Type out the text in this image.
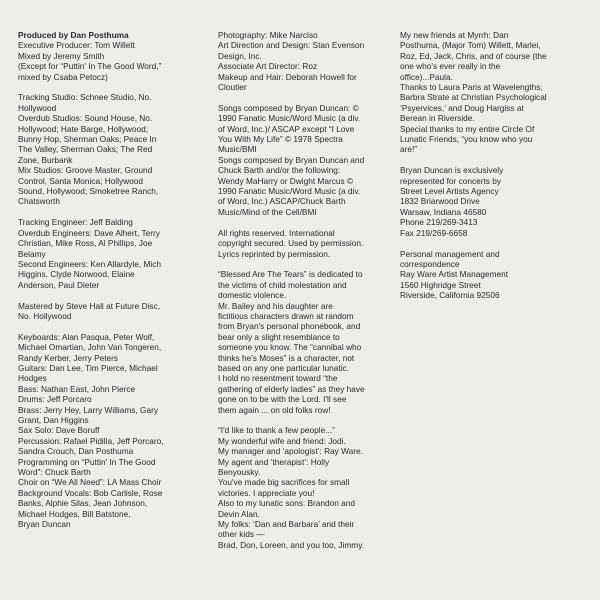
Produced by Dan Posthuma
Executive Producer: Tom Willett
Mixed by Jeremy Smith
(Except for “Puttin' In The Good Word,”
mixed by Csaba Petocz)
Tracking Studio: Schnee Studio, No.
Hollywood
Overdub Studios: Sound House, No.
Hollywood; Hate Barge, Hollywood;
Bunny Hop, Sherman Oaks; Peace In
The Valley, Sherman Oaks; The Red
Zone, Burbank
Mix Studios: Groove Master, Ground
Control, Santa Monica; Hollywood
Sound, Hollywood; Smoketree Ranch,
Chatsworth
Tracking Engineer: Jeff Balding
Overdub Engineers: Dave Alhert, Terry
Christian, Mike Ross, Al Phillips, Joe
Belamy
Second Engineers: Ken Allardyle, Mich
Higgins, Clyde Norwood, Elaine
Anderson, Paul Dieter
Mastered by Steve Hall at Future Disc,
No. Hollywood
Keyboards: Alan Pasqua, Peter Wolf,
Michael Omartian, John Van Tongeren,
Randy Kerber, Jerry Peters
Guitars: Dan Lee, Tim Pierce, Michael
Hodges
Bass: Nathan East, John Pierce
Drums: Jeff Porcaro
Brass: Jerry Hey, Larry Williams, Gary
Grant, Dan Higgins
Sax Solo: Dave Boruff
Percussion: Rafael Pidilla, Jeff Porcaro,
Sandra Crouch, Dan Posthuma
Programming on “Puttin' In The Good
Word”: Chuck Barth
Choir on “We All Need”: LA Mass Choir
Background Vocals: Bob Carlisle, Rose
Banks, Alphie Silas, Jean Johnson,
Michael Hodges, Bill Batstone,
Bryan Duncan
Photography: Mike Narciso
Art Direction and Design: Stan Evenson
Design, Inc.
Associate Art Director: Roz
Makeup and Hair: Deborah Howell for
Cloutier
Songs composed by Bryan Duncan: ©
1990 Fanatic Music/Word Music (a div.
of Word, Inc.)/ ASCAP except “I Love
You With My Life” © 1978 Spectra
Music/BMI
Songs composed by Bryan Duncan and
Chuck Barth and/or the following:
Wendy MaHarry or Dwight Marcus ©
1990 Fanatic Music/Word Music (a div.
of Word, Inc.) ASCAP/Chuck Barth
Music/Mind of the Cell/BMI
All rights reserved. International
copyright secured. Used by permission.
Lyrics reprinted by permission.
“Blessed Are The Tears” is dedicated to
the victims of child molestation and
domestic violence.
Mr. Bailey and his daughter are
fictitious characters drawn at random
from Bryan's personal phonebook, and
bear only a slight resemblance to
someone you know. The “cannibal who
thinks he's Moses” is a character, not
based on any one particular lunatic.
I hold no resentment toward “the
gathering of elderly ladies” as they have
gone on to be with the Lord. I'll see
them again ... on old folks row!
“I'd like to thank a few people...”
My wonderful wife and friend: Jodi.
My manager and ‘apologist’: Ray Ware.
My agent and ‘therapist’: Holly
Benyousky.
You've made big sacrifices for small
victories. I appreciate you!
Also to my lunatic sons: Brandon and
Devin Alan.
My folks: ‘Dan and Barbara’ and their
other kids —
Brad, Don, Loreen, and you too, Jimmy.
My new friends at Myrrh: Dan
Posthuma, (Major Tom) Willett, Marlei,
Roz, Ed, Jack, Chris, and of course (the
one who's ever really in the
office)...Paula.
Thanks to Laura Paris at Wavelengths,
Barbra Strate at Christian Psychological
‘Psyervices,’ and Doug Hargiss at
Berean in Riverside.
Special thanks to my entire Circle Of
Lunatic Friends, “you know who you
are!”
Bryan Duncan is exclusively
represented for concerts by
Street Level Artists Agency
1832 Briarwood Drive
Warsaw, Indiana 46580
Phone 219/269-3413
Fax 219/269-6658
Personal management and
correspondence
Ray Ware Artist Management
1560 Highridge Street
Riverside, California 92506
